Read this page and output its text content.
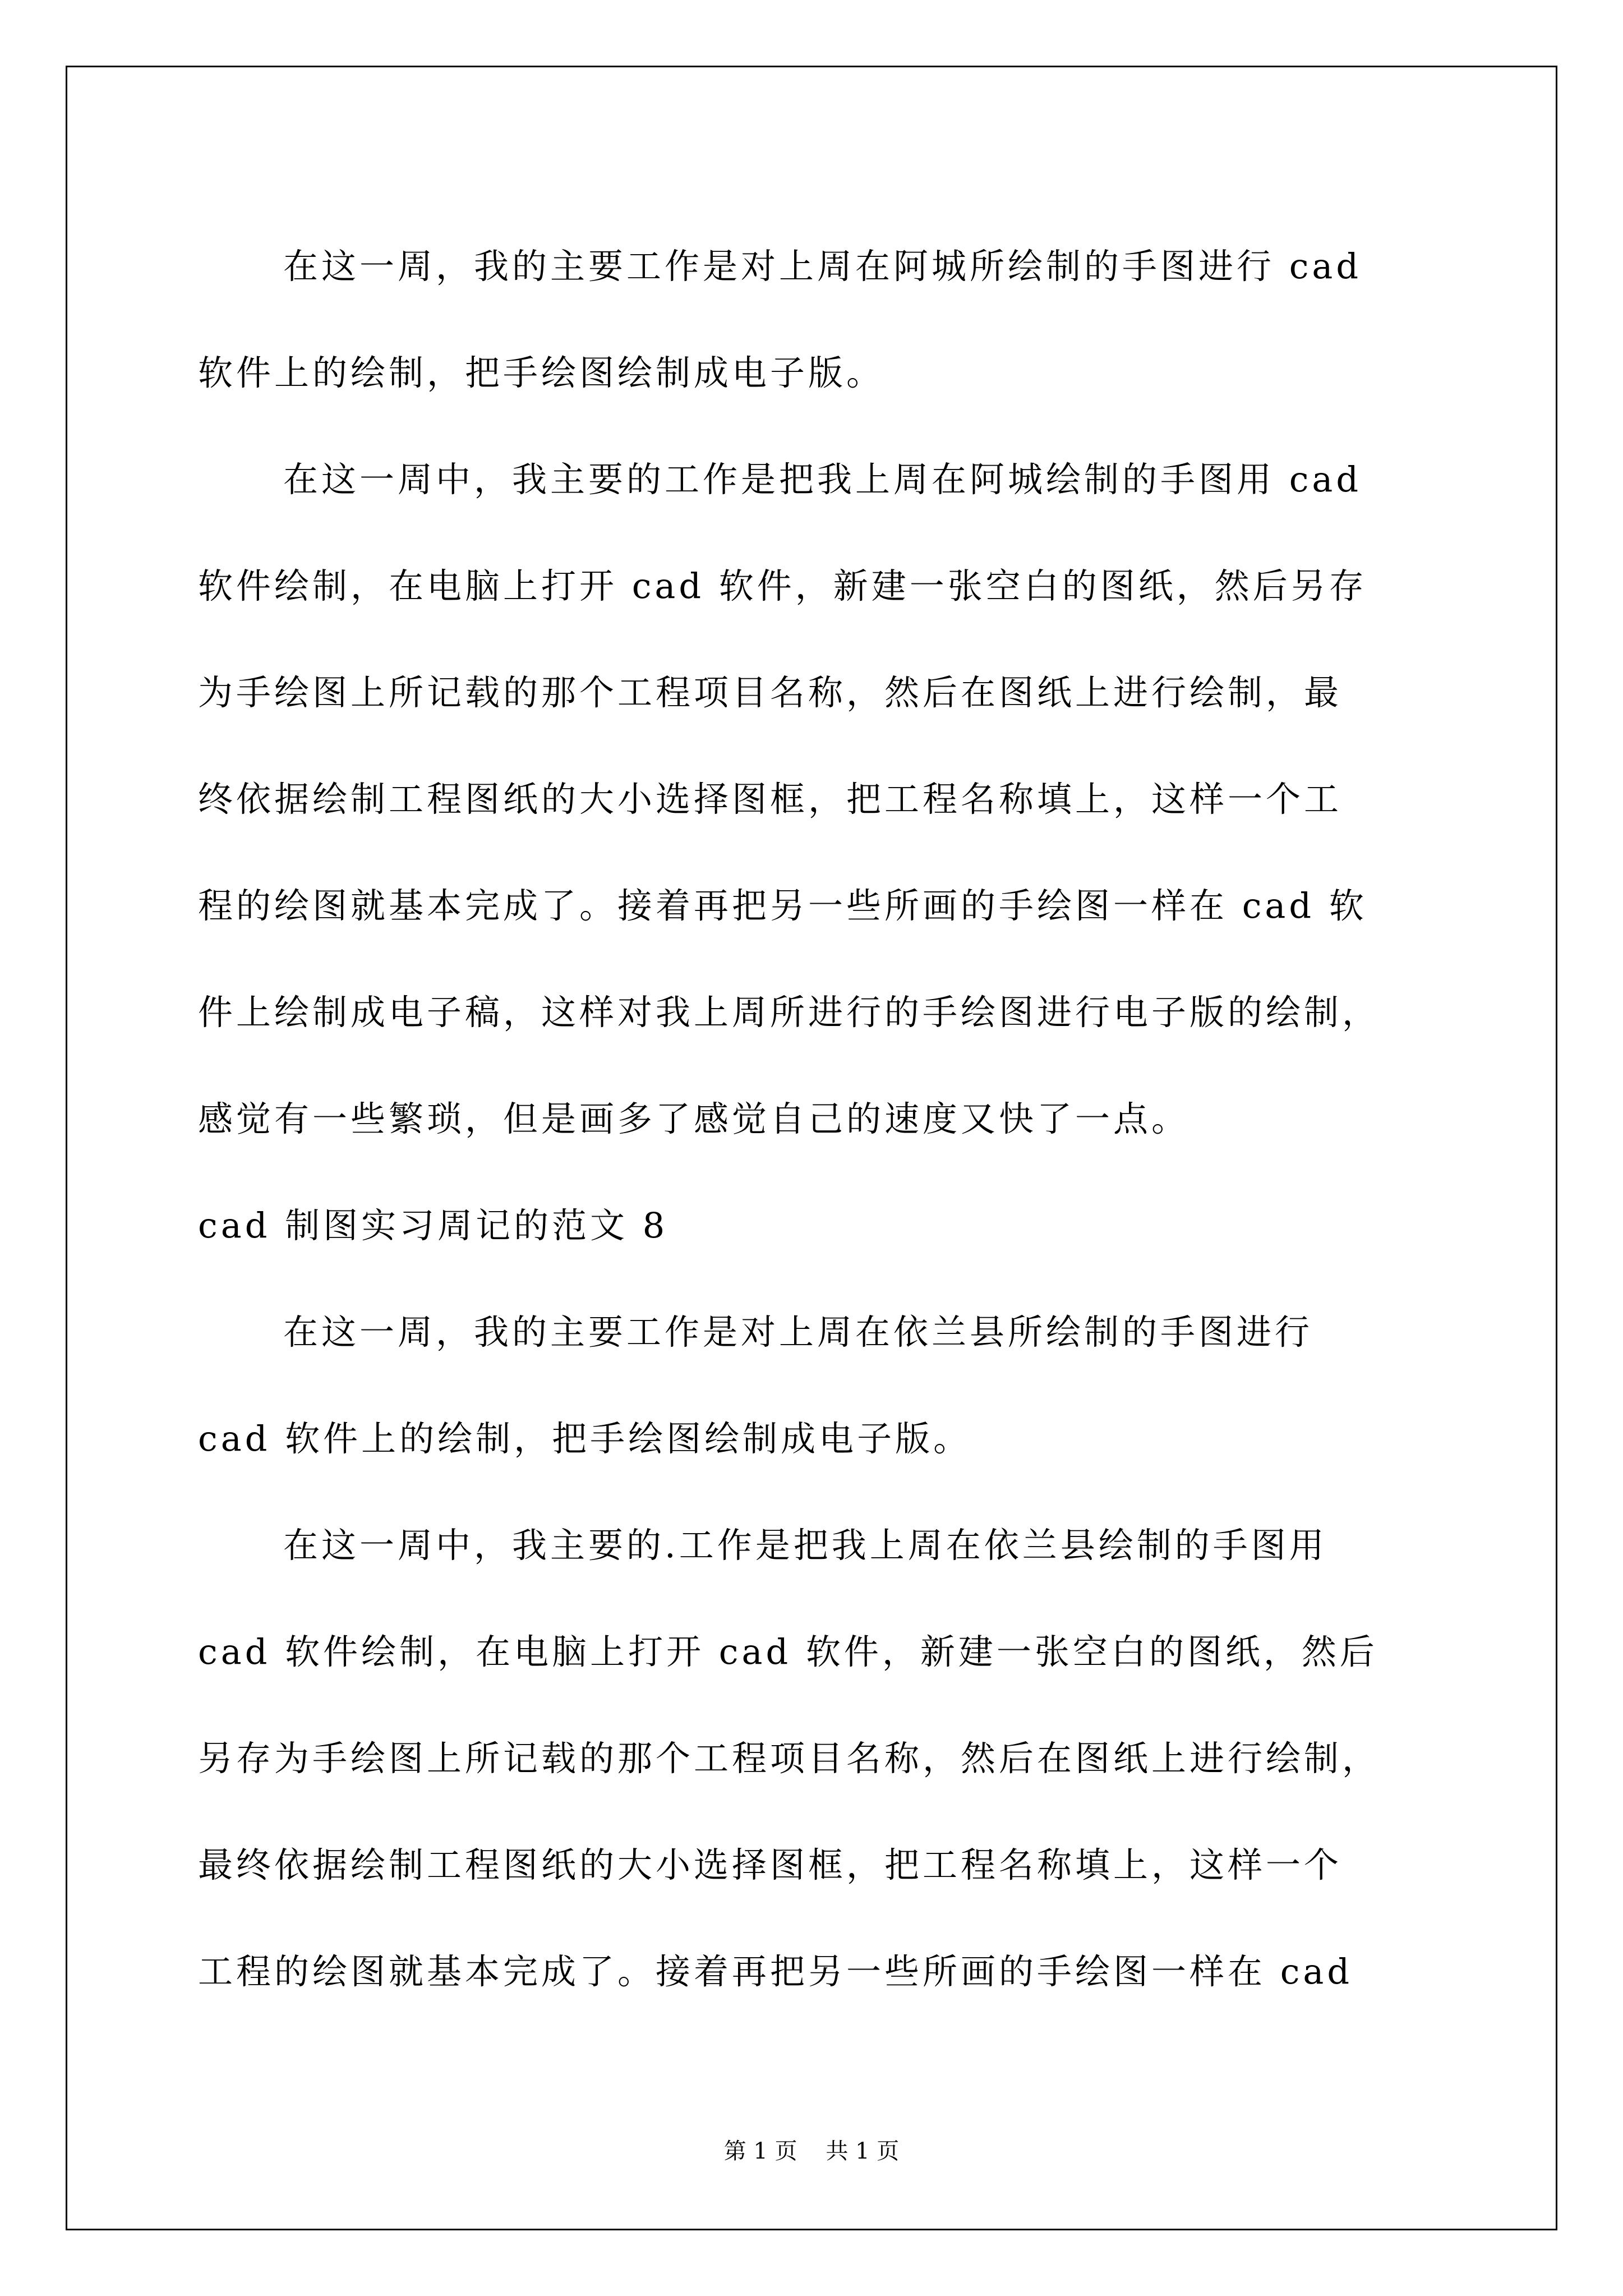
在这一周，我的主要工作是对上周在阿城所绘制的手图进行 cad
软件上的绘制，把手绘图绘制成电子版。
在这一周中，我主要的工作是把我上周在阿城绘制的手图用 cad
软件绘制，在电脑上打开 cad 软件，新建一张空白的图纸，然后另存
为手绘图上所记载的那个工程项目名称，然后在图纸上进行绘制，最
终依据绘制工程图纸的大小选择图框，把工程名称填上，这样一个工
程的绘图就基本完成了。接着再把另一些所画的手绘图一样在 cad 软
件上绘制成电子稿，这样对我上周所进行的手绘图进行电子版的绘制，
感觉有一些繁琐，但是画多了感觉自己的速度又快了一点。
cad 制图实习周记的范文 8
在这一周，我的主要工作是对上周在依兰县所绘制的手图进行
cad 软件上的绘制，把手绘图绘制成电子版。
在这一周中，我主要的.工作是把我上周在依兰县绘制的手图用
cad 软件绘制，在电脑上打开 cad 软件，新建一张空白的图纸，然后
另存为手绘图上所记载的那个工程项目名称，然后在图纸上进行绘制，
最终依据绘制工程图纸的大小选择图框，把工程名称填上，这样一个
工程的绘图就基本完成了。接着再把另一些所画的手绘图一样在 cad
第 1 页    共 1 页
